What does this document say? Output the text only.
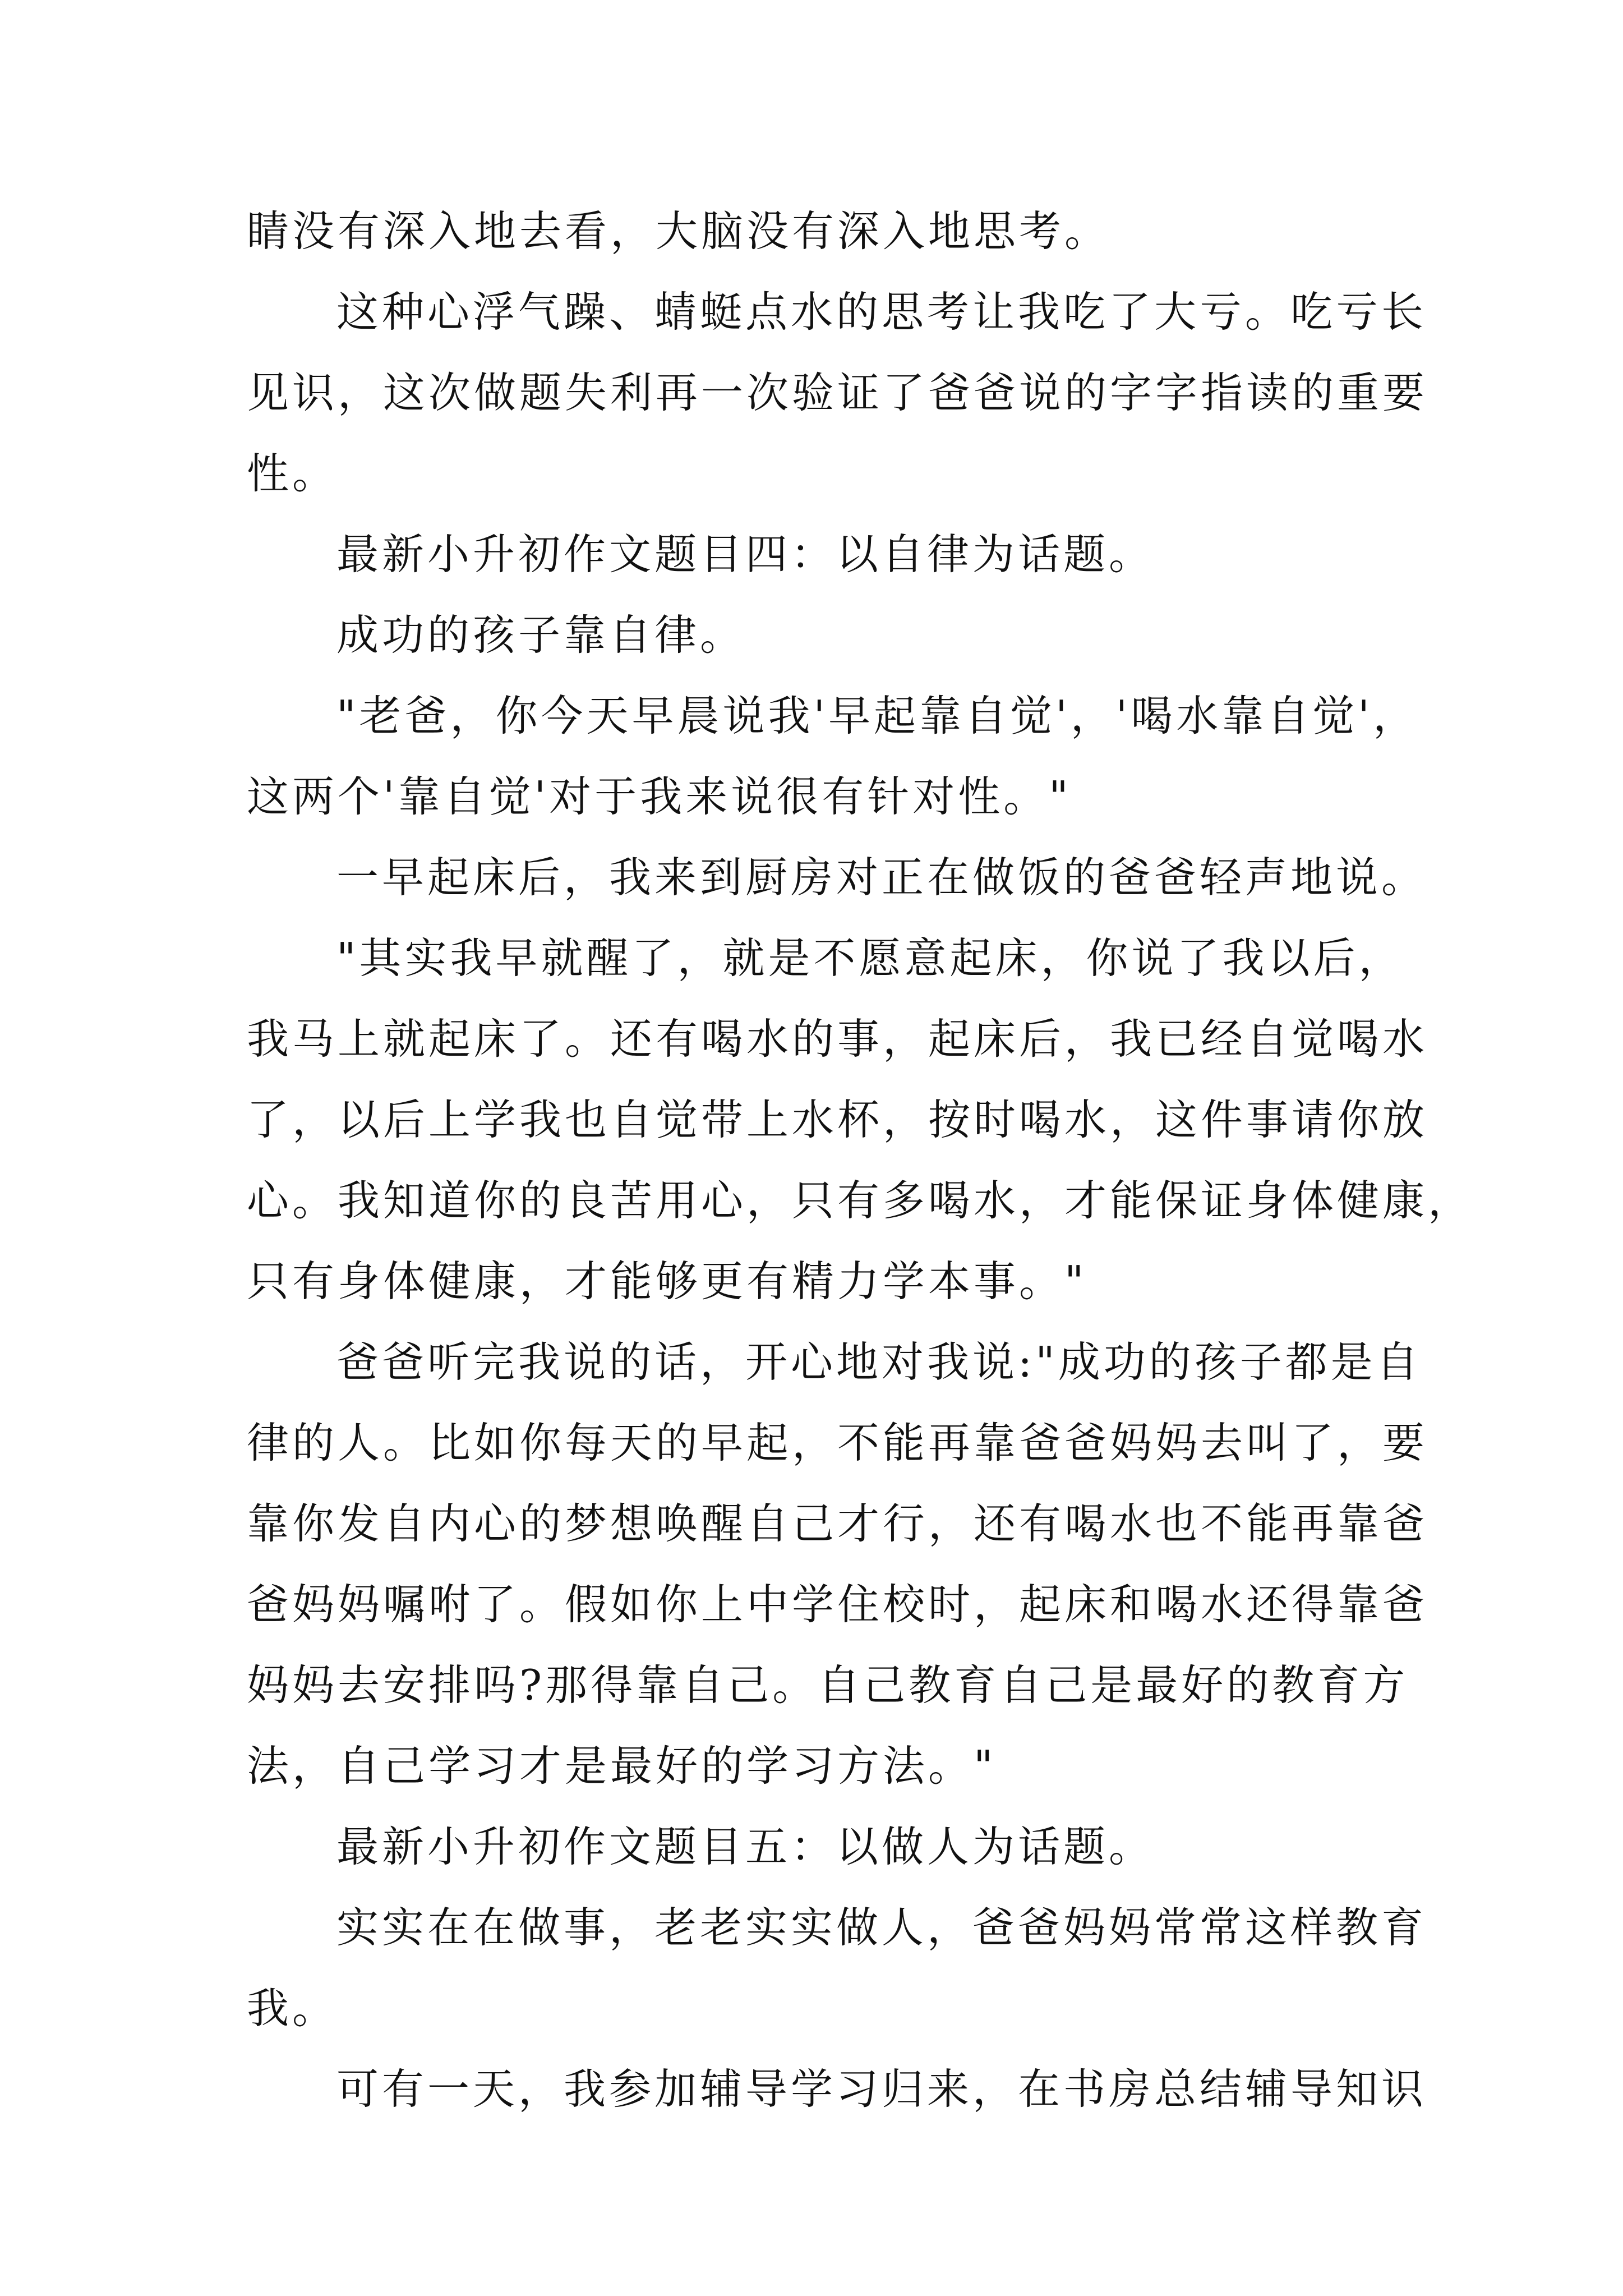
睛没有深入地去看，大脑没有深入地思考。
这种心浮气躁、蜻蜓点水的思考让我吃了大亏。吃亏长
见识，这次做题失利再一次验证了爸爸说的字字指读的重要
性。
最新小升初作文题目四：以自律为话题。
成功的孩子靠自律。
"老爸，你今天早晨说我'早起靠自觉'，'喝水靠自觉'，
这两个'靠自觉'对于我来说很有针对性。"
一早起床后，我来到厨房对正在做饭的爸爸轻声地说。
"其实我早就醒了，就是不愿意起床，你说了我以后，
我马上就起床了。还有喝水的事，起床后，我已经自觉喝水
了，以后上学我也自觉带上水杯，按时喝水，这件事请你放
心。我知道你的良苦用心，只有多喝水，才能保证身体健康，
只有身体健康，才能够更有精力学本事。"
爸爸听完我说的话，开心地对我说:"成功的孩子都是自
律的人。比如你每天的早起，不能再靠爸爸妈妈去叫了，要
靠你发自内心的梦想唤醒自己才行，还有喝水也不能再靠爸
爸妈妈嘱咐了。假如你上中学住校时，起床和喝水还得靠爸
妈妈去安排吗?那得靠自己。自己教育自己是最好的教育方
法，自己学习才是最好的学习方法。"
最新小升初作文题目五：以做人为话题。
实实在在做事，老老实实做人，爸爸妈妈常常这样教育
我。
可有一天，我参加辅导学习归来，在书房总结辅导知识
